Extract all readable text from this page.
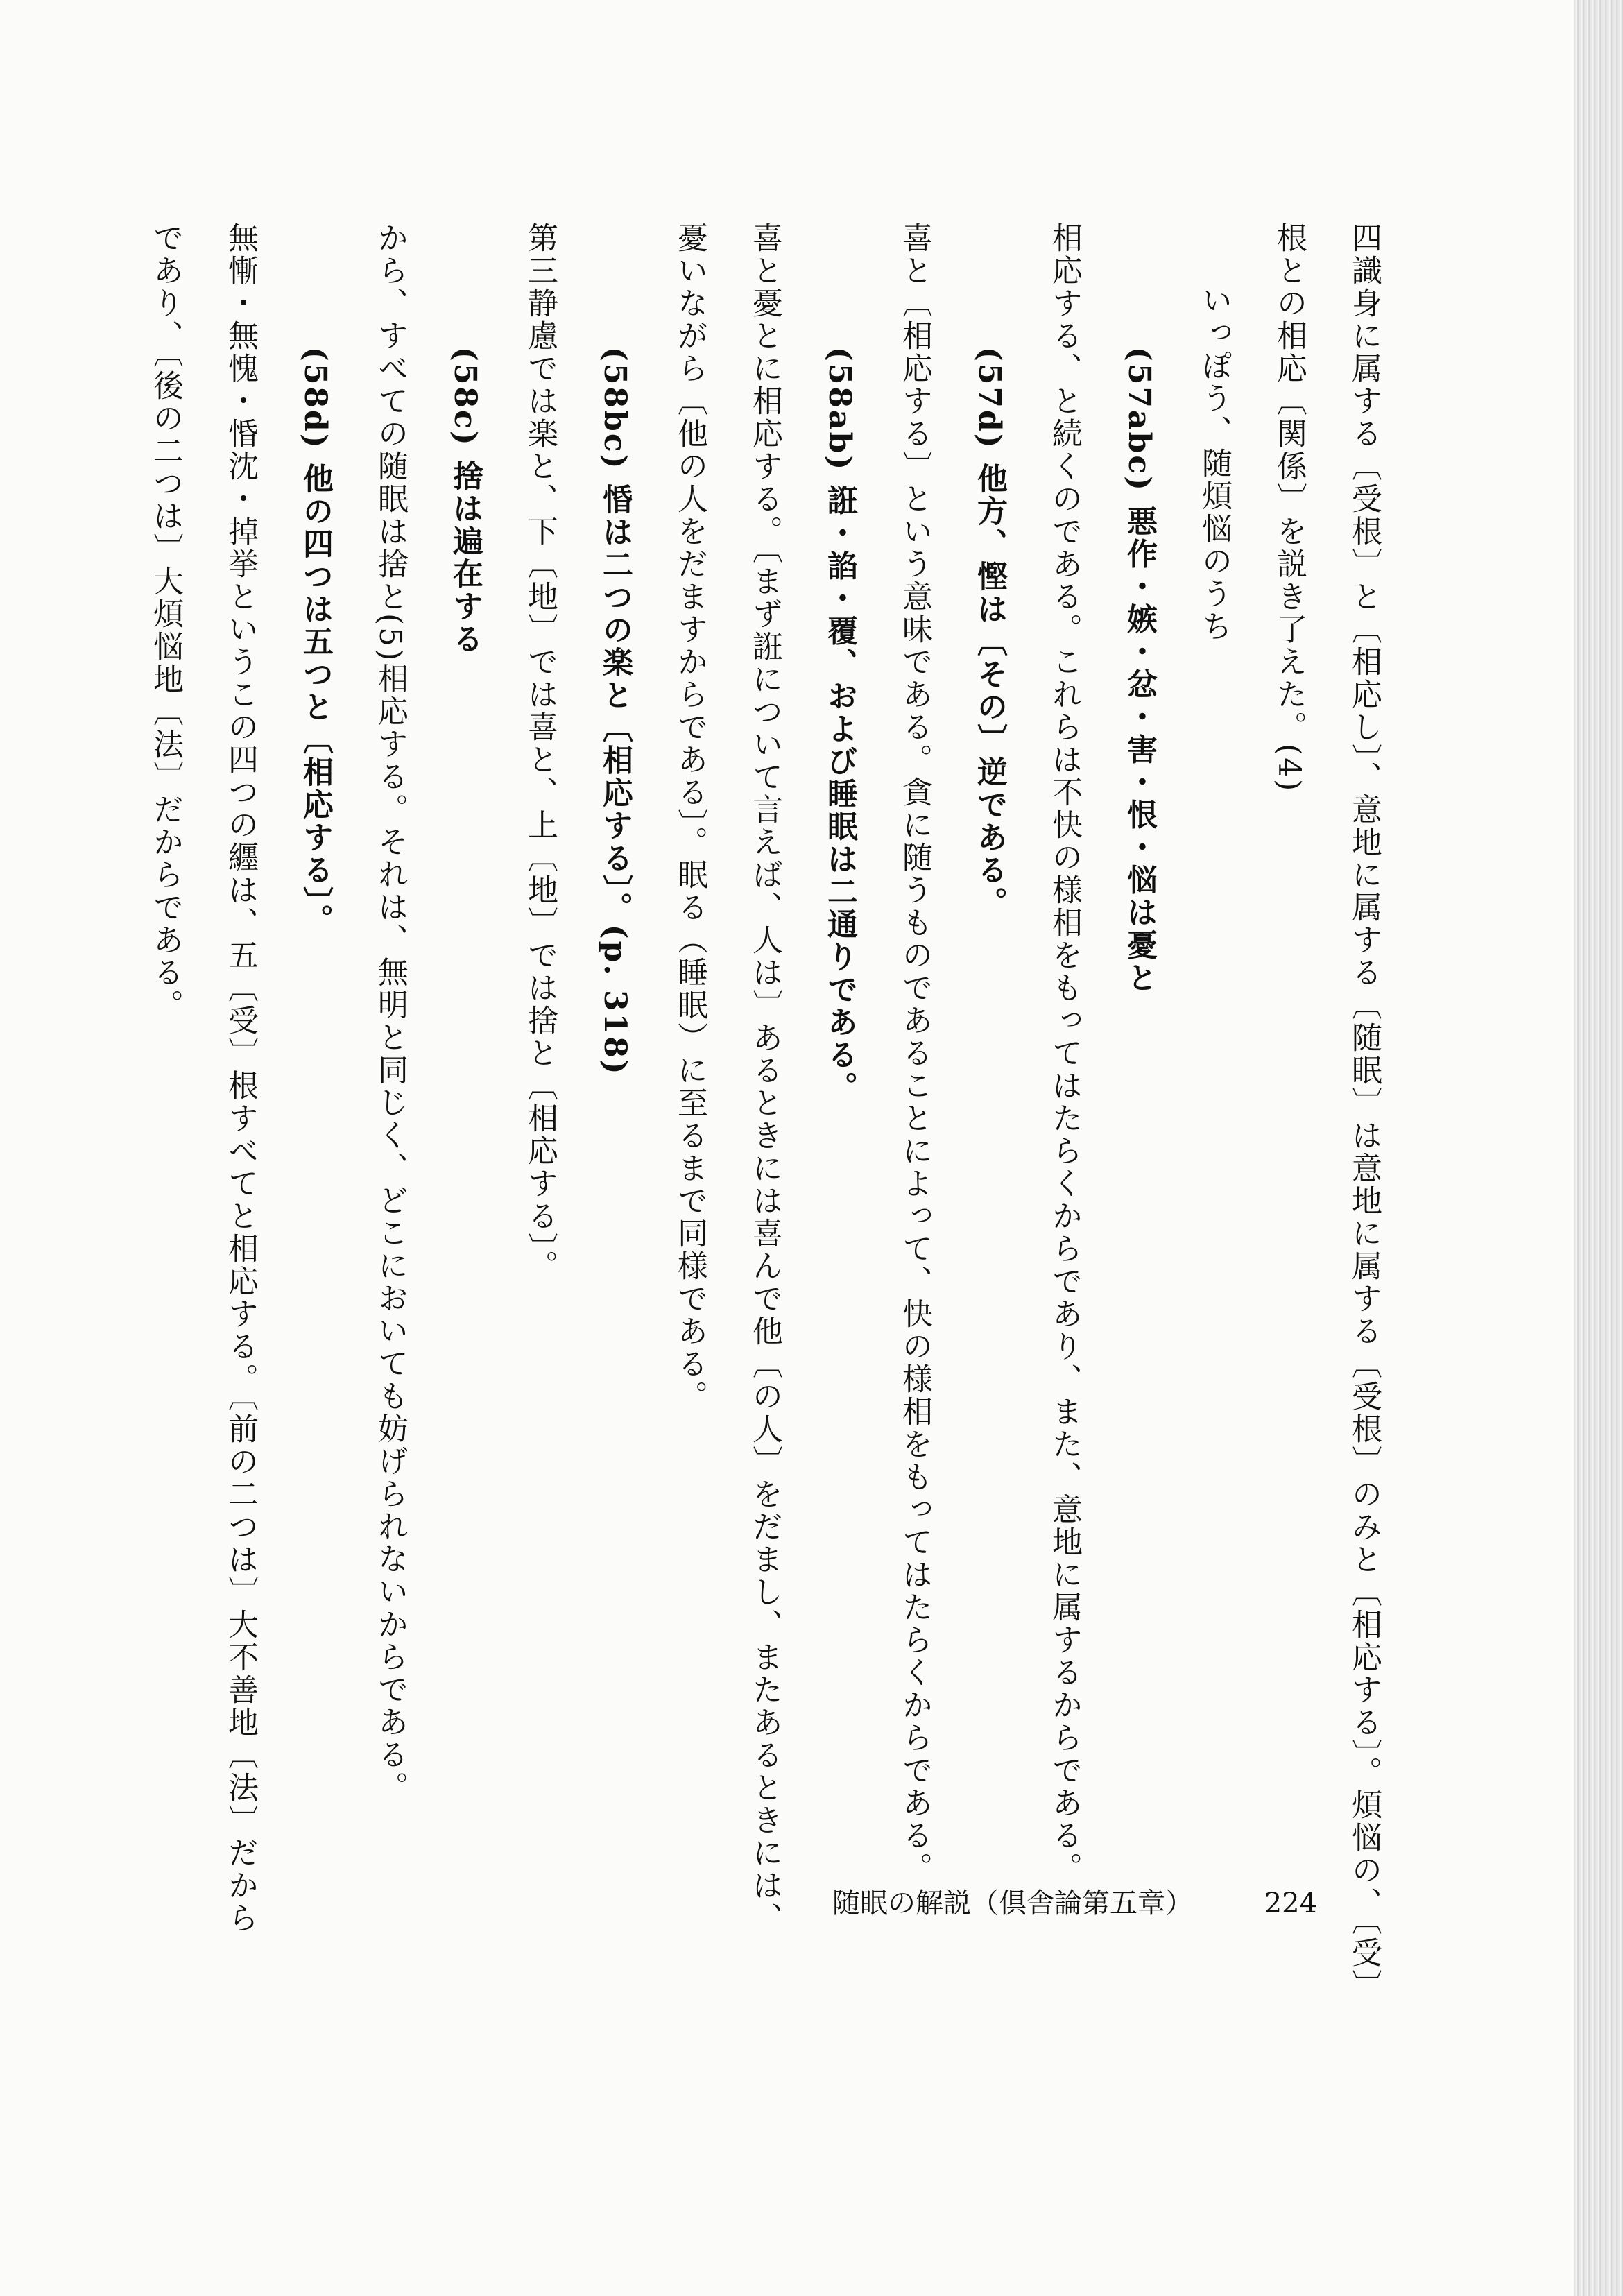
四識身に属する〔受根〕と〔相応し〕、意地に属する〔随眠〕は意地に属する〔受根〕のみと〔相応する〕。煩悩の、〔受〕

根との相応〔関係〕を説き了えた。(4)

いっぽう、随煩悩のうち

(57abc) 悪作・嫉・忿・害・恨・悩は憂と

相応する、と続くのである。これらは不快の様相をもってはたらくからであり、また、意地に属するからである。

(57d) 他方、慳は〔その〕逆である。

喜と〔相応する〕という意味である。貪に随うものであることによって、快の様相をもってはたらくからである。

(58ab) 誑・諂・覆、および睡眠は二通りである。

喜と憂とに相応する。〔まず誑について言えば、人は〕あるときには喜んで他〔の人〕をだまし、またあるときには、

憂いながら〔他の人をだますからである〕。眠る（睡眠）に至るまで同様である。

(58bc) 惛は二つの楽と〔相応する〕。(p. 318)

第三静慮では楽と、下〔地〕では喜と、上〔地〕では捨と〔相応する〕。

(58c) 捨は遍在する

から、すべての随眠は捨と(5)相応する。それは、無明と同じく、どこにおいても妨げられないからである。

(58d) 他の四つは五つと〔相応する〕。

無慚・無愧・惛沈・掉挙というこの四つの纒は、五〔受〕根すべてと相応する。〔前の二つは〕大不善地〔法〕だから

であり、〔後の二つは〕大煩悩地〔法〕だからである。

随眠の解説（倶舎論第五章）	224
